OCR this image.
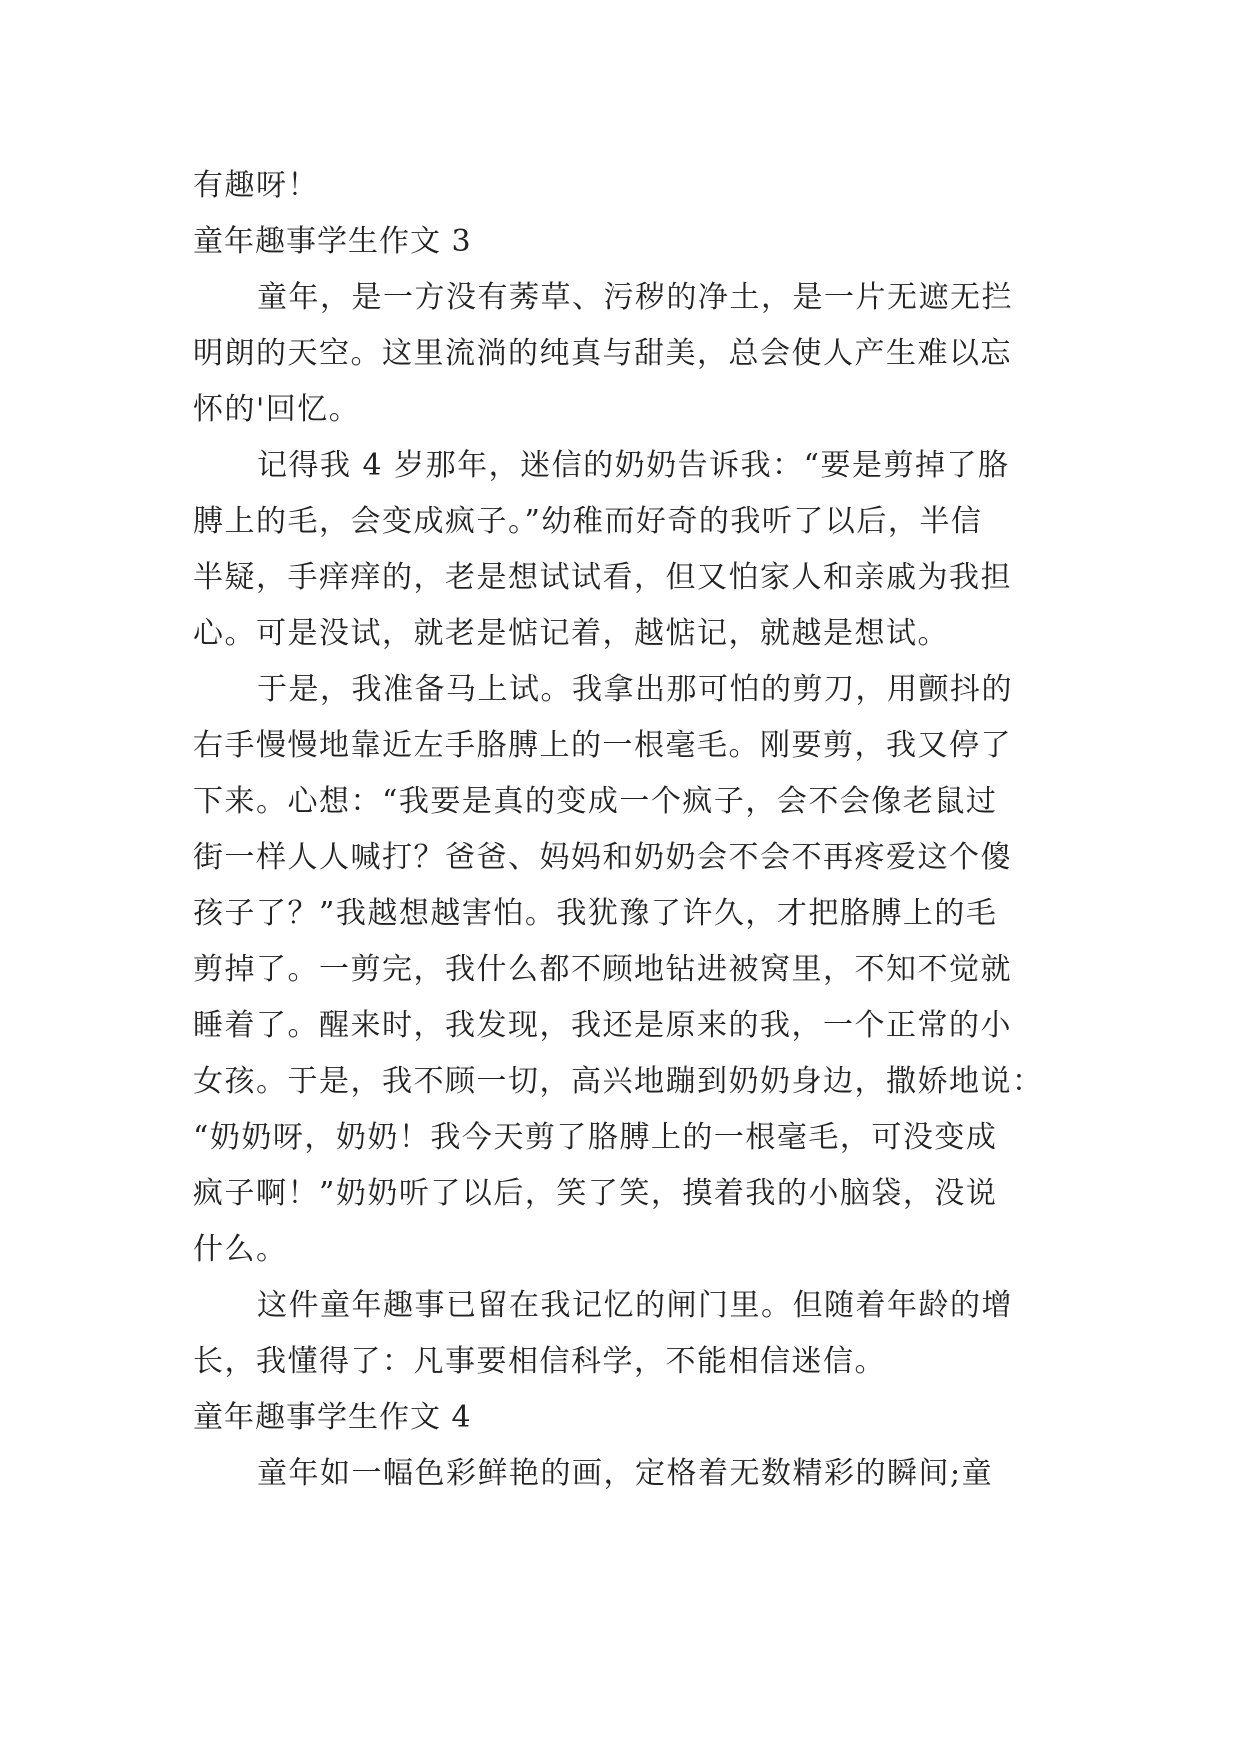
有趣呀！
童年趣事学生作文 3
童年，是一方没有莠草、污秽的净土，是一片无遮无拦
明朗的天空。这里流淌的纯真与甜美，总会使人产生难以忘
怀的'回忆。
记得我 4 岁那年，迷信的奶奶告诉我：“要是剪掉了胳
膊上的毛，会变成疯子。”幼稚而好奇的我听了以后，半信
半疑，手痒痒的，老是想试试看，但又怕家人和亲戚为我担
心。可是没试，就老是惦记着，越惦记，就越是想试。
于是，我准备马上试。我拿出那可怕的剪刀，用颤抖的
右手慢慢地靠近左手胳膊上的一根毫毛。刚要剪，我又停了
下来。心想：“我要是真的变成一个疯子，会不会像老鼠过
街一样人人喊打？爸爸、妈妈和奶奶会不会不再疼爱这个傻
孩子了？”我越想越害怕。我犹豫了许久，才把胳膊上的毛
剪掉了。一剪完，我什么都不顾地钻进被窝里，不知不觉就
睡着了。醒来时，我发现，我还是原来的我，一个正常的小
女孩。于是，我不顾一切，高兴地蹦到奶奶身边，撒娇地说：
“奶奶呀，奶奶！我今天剪了胳膊上的一根毫毛，可没变成
疯子啊！”奶奶听了以后，笑了笑，摸着我的小脑袋，没说
什么。
这件童年趣事已留在我记忆的闸门里。但随着年龄的增
长，我懂得了：凡事要相信科学，不能相信迷信。
童年趣事学生作文 4
童年如一幅色彩鲜艳的画，定格着无数精彩的瞬间;童
